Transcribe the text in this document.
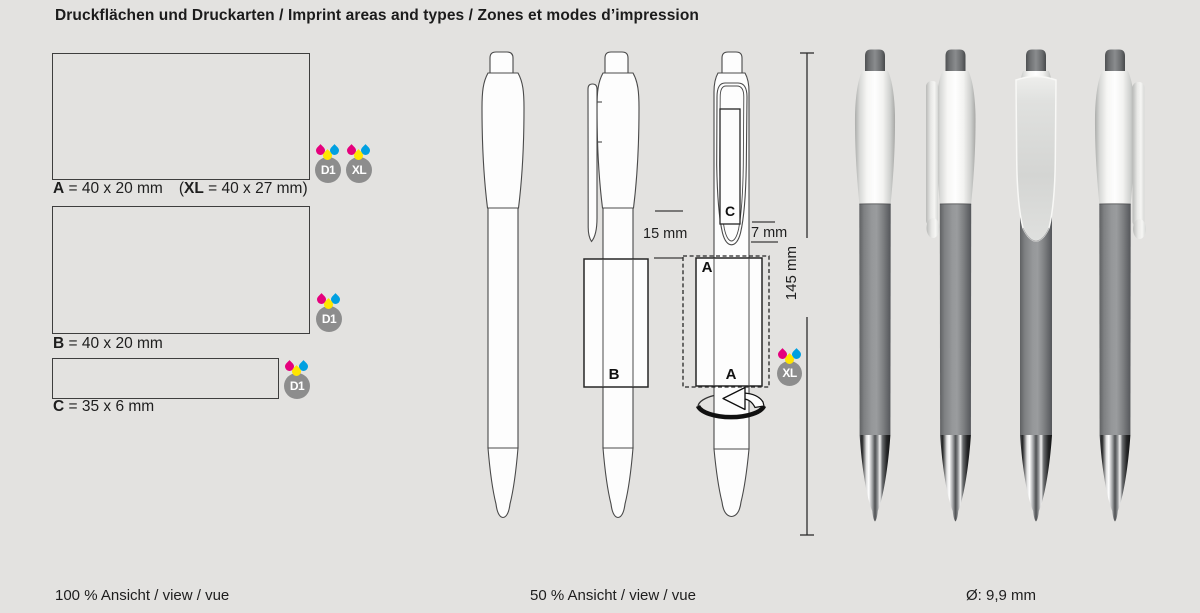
Druckflächen und Druckarten / Imprint areas and types / Zones et modes d’impression
A = 40 x 20 mm (XL = 40 x 27 mm)
D1	XL
B = 40 x 20 mm
D1
C = 35 x 6 mm
D1
B
A
A
C
15 mm	7 mm
145 mm
XL
100 % Ansicht / view / vue	50 % Ansicht / view / vue	Ø: 9,9 mm
